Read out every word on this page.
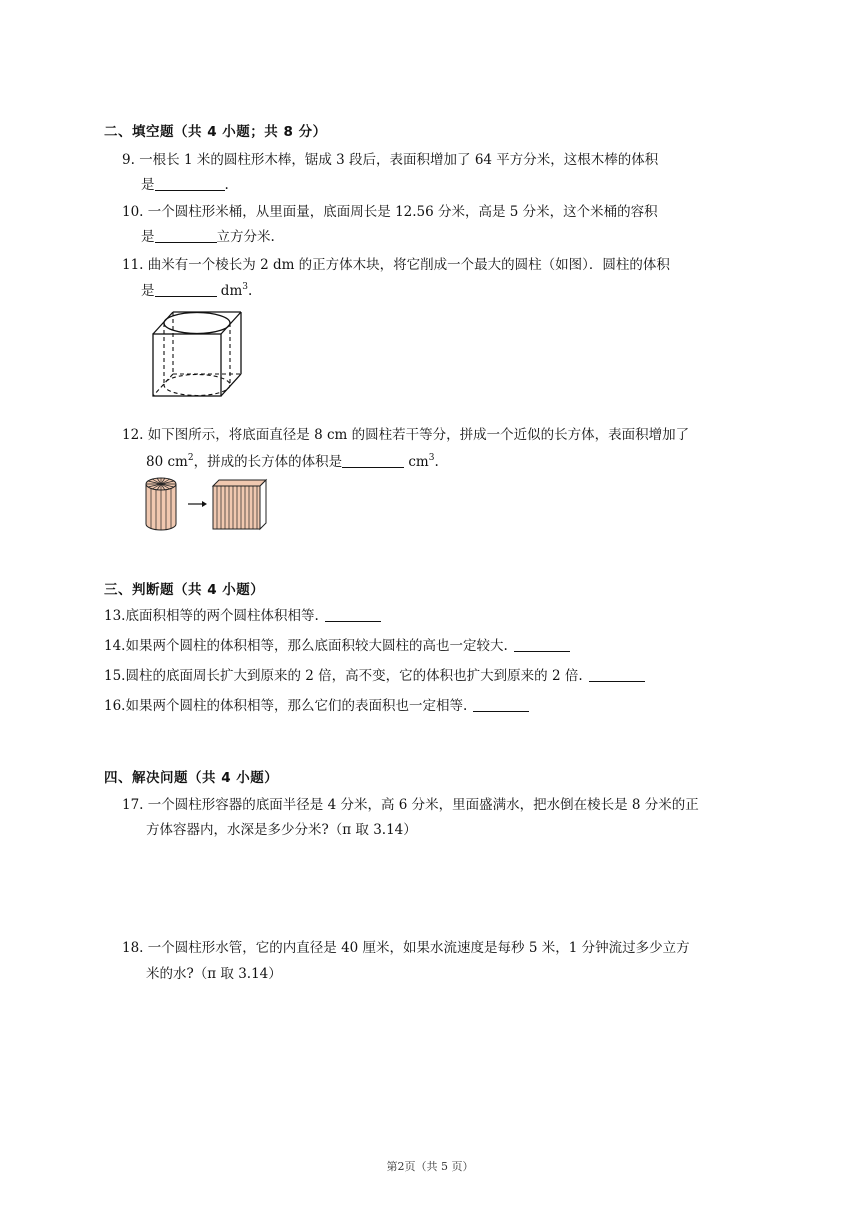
二、填空题（共 4 小题；共 8 分）
9. 一根长 1 米的圆柱形木棒，锯成 3 段后，表面积增加了 64 平方分米，这根木棒的体积
是	.
10. 一个圆柱形米桶，从里面量，底面周长是 12.56 分米，高是 5 分米，这个米桶的容积
是	立方分米.
11. 曲米有一个棱长为 2 dm 的正方体木块，将它削成一个最大的圆柱（如图）．圆柱的体积
是	$dm^3$.
12. 如下图所示，将底面直径是 8 cm 的圆柱若干等分，拼成一个近似的长方体，表面积增加了
80 $cm^2$，拼成的长方体的体积是	$cm^3$.
三、判断题（共 4 小题）
13.底面积相等的两个圆柱体积相等.
14.如果两个圆柱的体积相等，那么底面积较大圆柱的高也一定较大.
15.圆柱的底面周长扩大到原来的 2 倍，高不变，它的体积也扩大到原来的 2 倍.
16.如果两个圆柱的体积相等，那么它们的表面积也一定相等.
四、解决问题（共 4 小题）
17. 一个圆柱形容器的底面半径是 4 分米，高 6 分米，里面盛满水，把水倒在棱长是 8 分米的正
方体容器内，水深是多少分米?（π 取 3.14）
18. 一个圆柱形水管，它的内直径是 40 厘米，如果水流速度是每秒 5 米，1 分钟流过多少立方
米的水?（π 取 3.14）
第2页（共 5 页）
